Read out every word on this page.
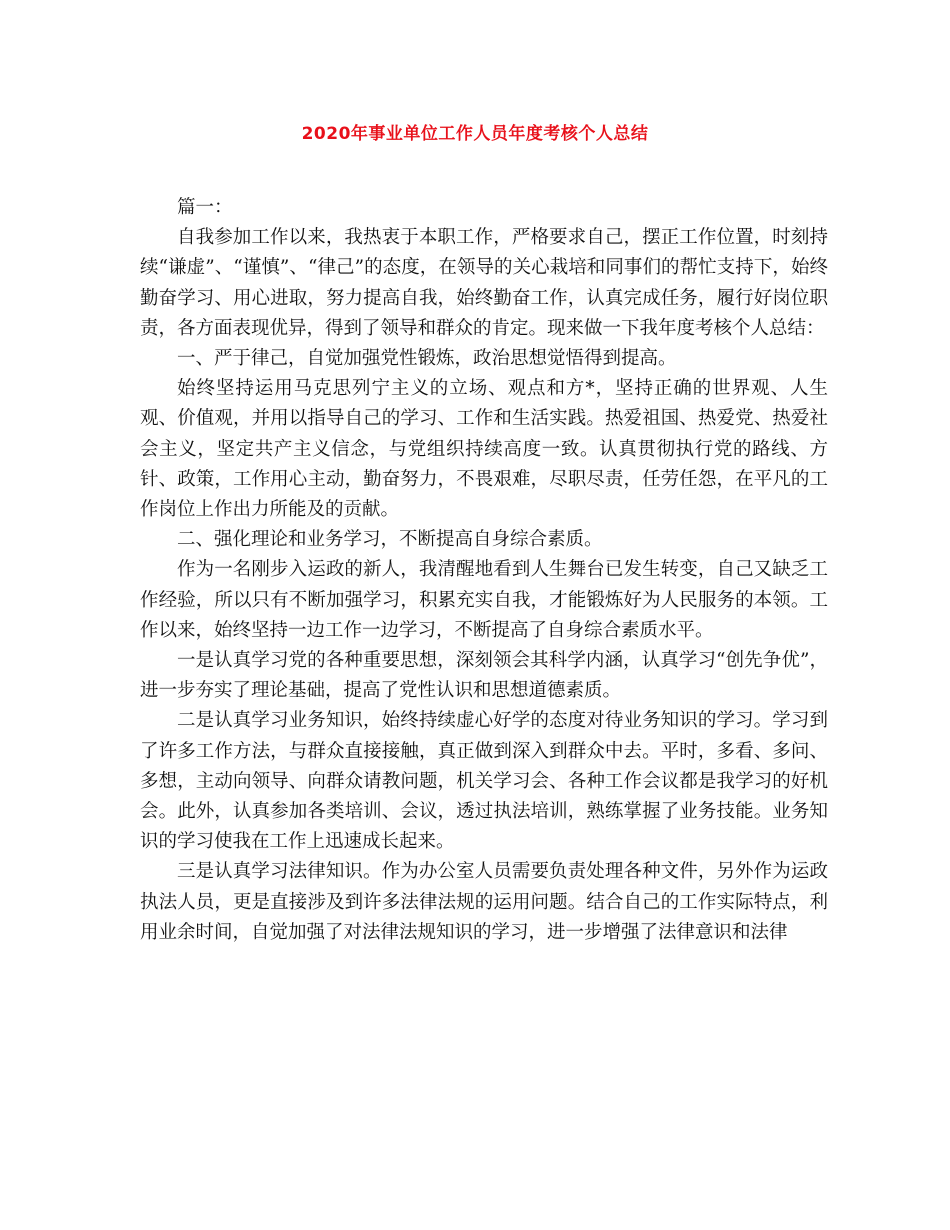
2020年事业单位工作人员年度考核个人总结

篇一：

自我参加工作以来，我热衷于本职工作，严格要求自己，摆正工作位置，时刻持续“谦虚”、“谨慎”、“律己”的态度，在领导的关心栽培和同事们的帮忙支持下，始终勤奋学习、用心进取，努力提高自我，始终勤奋工作，认真完成任务，履行好岗位职责，各方面表现优异，得到了领导和群众的肯定。现来做一下我年度考核个人总结：

一、严于律己，自觉加强党性锻炼，政治思想觉悟得到提高。

始终坚持运用马克思列宁主义的立场、观点和方*，坚持正确的世界观、人生观、价值观，并用以指导自己的学习、工作和生活实践。热爱祖国、热爱党、热爱社会主义，坚定共产主义信念，与党组织持续高度一致。认真贯彻执行党的路线、方针、政策，工作用心主动，勤奋努力，不畏艰难，尽职尽责，任劳任怨，在平凡的工作岗位上作出力所能及的贡献。

二、强化理论和业务学习，不断提高自身综合素质。

作为一名刚步入运政的新人，我清醒地看到人生舞台已发生转变，自己又缺乏工作经验，所以只有不断加强学习，积累充实自我，才能锻炼好为人民服务的本领。工作以来，始终坚持一边工作一边学习，不断提高了自身综合素质水平。

一是认真学习党的各种重要思想，深刻领会其科学内涵，认真学习“创先争优”，进一步夯实了理论基础，提高了党性认识和思想道德素质。

二是认真学习业务知识，始终持续虚心好学的态度对待业务知识的学习。学习到了许多工作方法，与群众直接接触，真正做到深入到群众中去。平时，多看、多问、多想，主动向领导、向群众请教问题，机关学习会、各种工作会议都是我学习的好机会。此外，认真参加各类培训、会议，透过执法培训，熟练掌握了业务技能。业务知识的学习使我在工作上迅速成长起来。

三是认真学习法律知识。作为办公室人员需要负责处理各种文件，另外作为运政执法人员，更是直接涉及到许多法律法规的运用问题。结合自己的工作实际特点，利用业余时间，自觉加强了对法律法规知识的学习，进一步增强了法律意识和法律
